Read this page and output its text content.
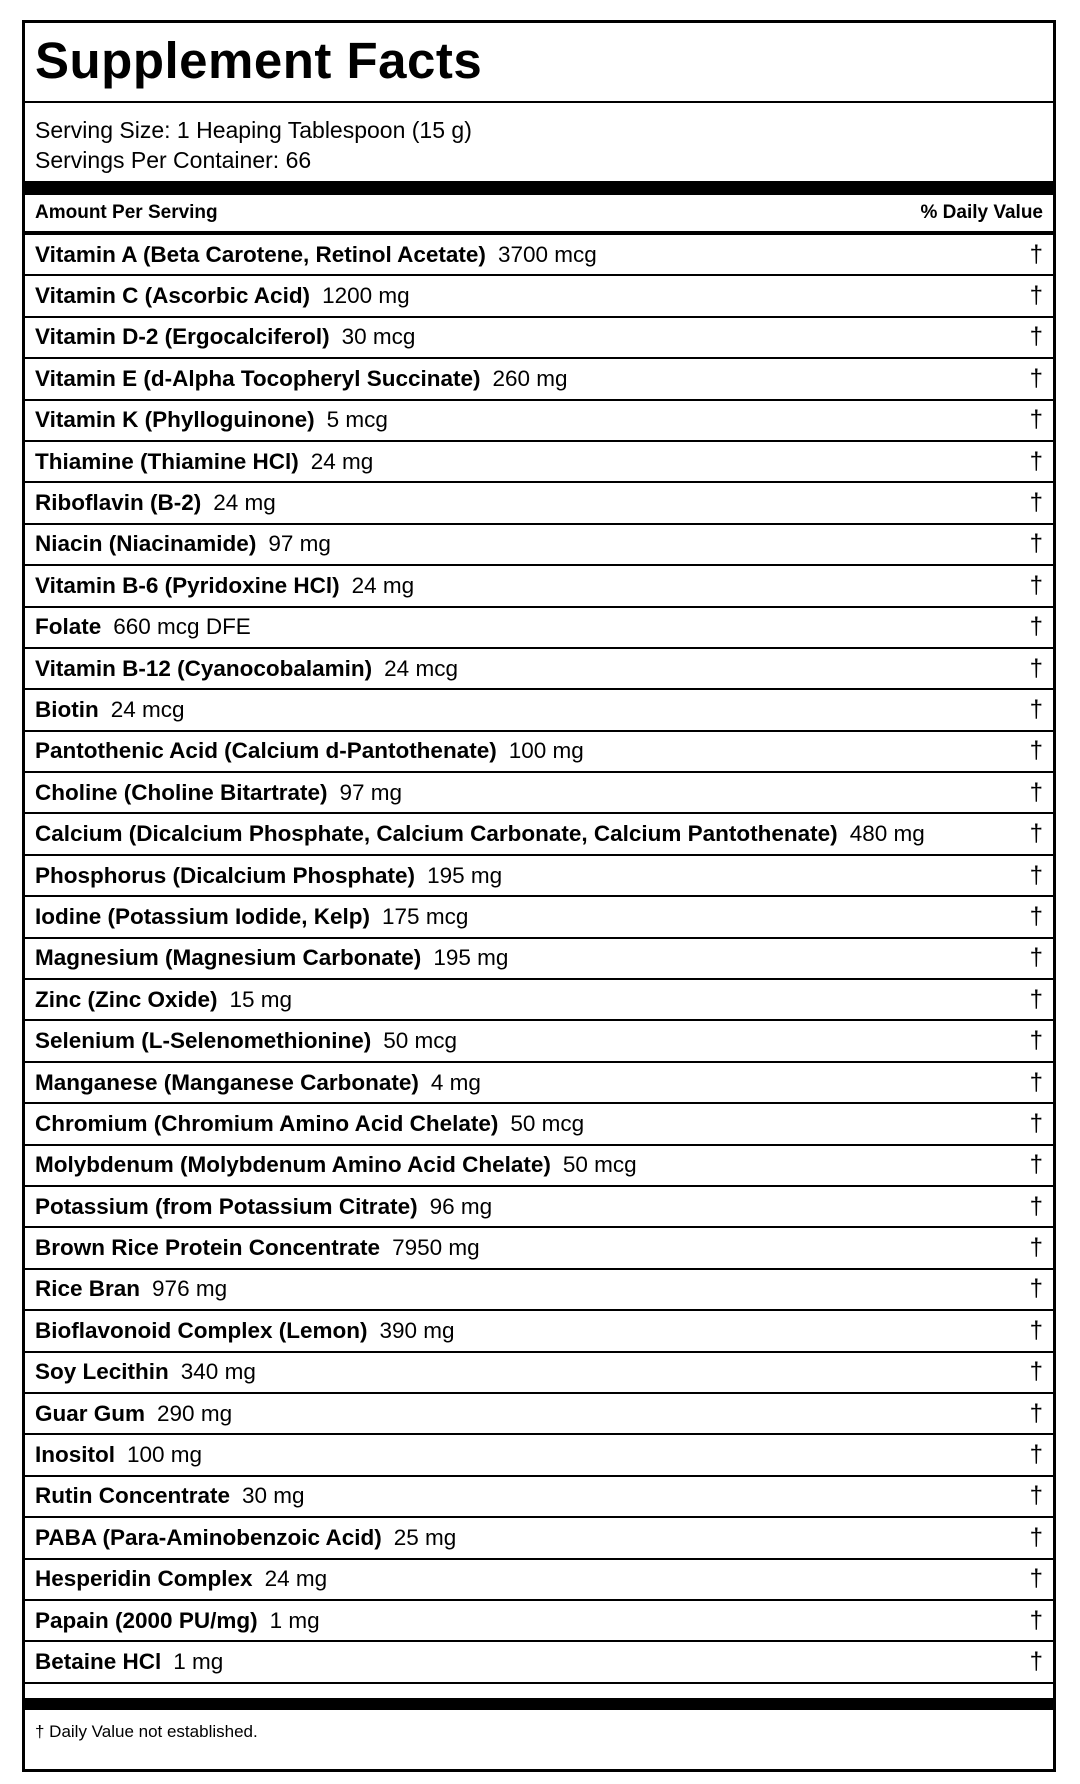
Supplement Facts
Serving Size: 1 Heaping Tablespoon (15 g)
Servings Per Container: 66
Amount Per Serving	% Daily Value
Vitamin A (Beta Carotene, Retinol Acetate) 3700 mcg	†
Vitamin C (Ascorbic Acid) 1200 mg	†
Vitamin D-2 (Ergocalciferol) 30 mcg	†
Vitamin E (d-Alpha Tocopheryl Succinate) 260 mg	†
Vitamin K (Phylloguinone) 5 mcg	†
Thiamine (Thiamine HCl) 24 mg	†
Riboflavin (B-2) 24 mg	†
Niacin (Niacinamide) 97 mg	†
Vitamin B-6 (Pyridoxine HCl) 24 mg	†
Folate 660 mcg DFE	†
Vitamin B-12 (Cyanocobalamin) 24 mcg	†
Biotin 24 mcg	†
Pantothenic Acid (Calcium d-Pantothenate) 100 mg	†
Choline (Choline Bitartrate) 97 mg	†
Calcium (Dicalcium Phosphate, Calcium Carbonate, Calcium Pantothenate) 480 mg	†
Phosphorus (Dicalcium Phosphate) 195 mg	†
Iodine (Potassium Iodide, Kelp) 175 mcg	†
Magnesium (Magnesium Carbonate) 195 mg	†
Zinc (Zinc Oxide) 15 mg	†
Selenium (L-Selenomethionine) 50 mcg	†
Manganese (Manganese Carbonate) 4 mg	†
Chromium (Chromium Amino Acid Chelate) 50 mcg	†
Molybdenum (Molybdenum Amino Acid Chelate) 50 mcg	†
Potassium (from Potassium Citrate) 96 mg	†
Brown Rice Protein Concentrate 7950 mg	†
Rice Bran 976 mg	†
Bioflavonoid Complex (Lemon) 390 mg	†
Soy Lecithin 340 mg	†
Guar Gum 290 mg	†
Inositol 100 mg	†
Rutin Concentrate 30 mg	†
PABA (Para-Aminobenzoic Acid) 25 mg	†
Hesperidin Complex 24 mg	†
Papain (2000 PU/mg) 1 mg	†
Betaine HCl 1 mg	†
† Daily Value not established.
